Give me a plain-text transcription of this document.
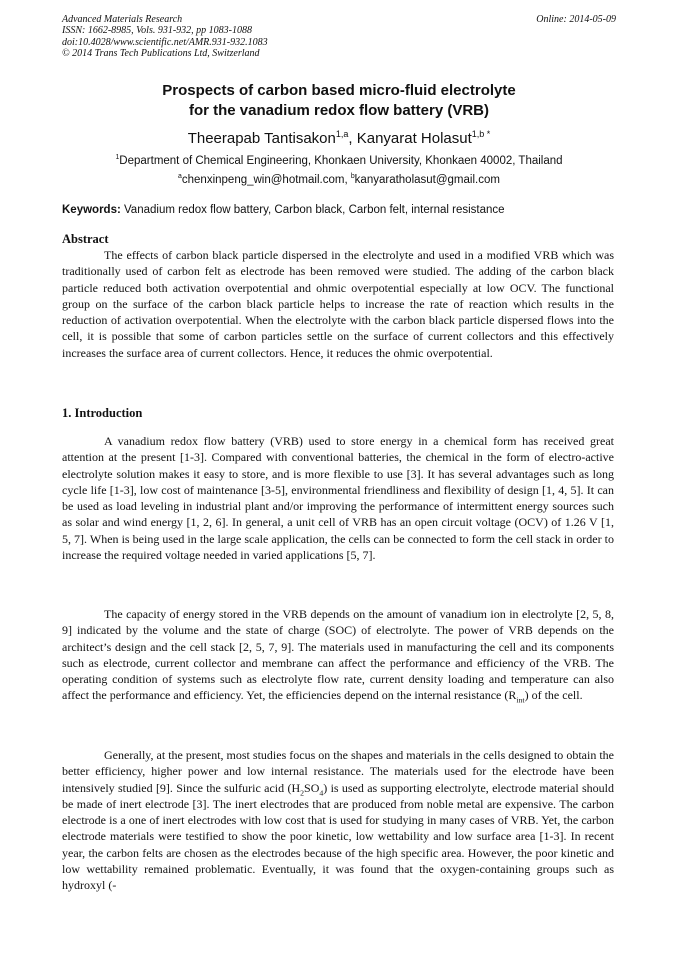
Advanced Materials Research
ISSN: 1662-8985, Vols. 931-932, pp 1083-1088
doi:10.4028/www.scientific.net/AMR.931-932.1083
© 2014 Trans Tech Publications Ltd, Switzerland
Online: 2014-05-09
Prospects of carbon based micro-fluid electrolyte
for the vanadium redox flow battery (VRB)
Theerapab Tantisakon$^{1,a}$, Kanyarat Holasut$^{1,b *}$
$^1$Department of Chemical Engineering, Khonkaen University, Khonkaen 40002, Thailand
$^a$chenxinpeng_win@hotmail.com, $^b$kanyaratholasut@gmail.com
Keywords: Vanadium redox flow battery, Carbon black, Carbon felt, internal resistance
Abstract

The effects of carbon black particle dispersed in the electrolyte and used in a modified VRB which was traditionally used of carbon felt as electrode has been removed were studied. The adding of the carbon black particle reduced both activation overpotential and ohmic overpotential especially at low OCV. The functional group on the surface of the carbon black particle helps to increase the rate of reaction which results in the reduction of activation overpotential. When the electrolyte with the carbon black particle dispersed flows into the cell, it is possible that some of carbon particles settle on the surface of current collectors and this effectively increases the surface area of current collectors. Hence, it reduces the ohmic overpotential.

1. Introduction

A vanadium redox flow battery (VRB) used to store energy in a chemical form has received great attention at the present [1-3]. Compared with conventional batteries, the chemical in the form of electro-active electrolyte solution makes it easy to store, and is more flexible to use [3]. It has several advantages such as long cycle life [1-3], low cost of maintenance [3-5], environmental friendliness and flexibility of design [1, 4, 5]. It can be used as load leveling in industrial plant and/or improving the performance of intermittent energy sources such as solar and wind energy [1, 2, 6]. In general, a unit cell of VRB has an open circuit voltage (OCV) of 1.26 V [1, 5, 7]. When is being used in the large scale application, the cells can be connected to form the cell stack in order to increase the required voltage needed in varied applications [5, 7].

The capacity of energy stored in the VRB depends on the amount of vanadium ion in electrolyte [2, 5, 8, 9] indicated by the volume and the state of charge (SOC) of electrolyte. The power of VRB depends on the architect’s design and the cell stack [2, 5, 7, 9]. The materials used in manufacturing the cell and its components such as electrode, current collector and membrane can affect the performance and efficiency of the VRB. The operating condition of systems such as electrolyte flow rate, current density loading and temperature can also affect the performance and efficiency. Yet, the efficiencies depend on the internal resistance $(R_{int})$ of the cell.

Generally, at the present, most studies focus on the shapes and materials in the cells designed to obtain the better efficiency, higher power and low internal resistance. The materials used for the electrode have been intensively studied [9]. Since the sulfuric acid $(H_2SO_4)$ is used as supporting electrolyte, electrode material should be made of inert electrode [3]. The inert electrodes that are produced from noble metal are expensive. The carbon electrode is a one of inert electrodes with low cost that is used for studying in many cases of VRB. Yet, the carbon electrode materials were testified to show the poor kinetic, low wettability and low surface area [1-3]. In recent year, the carbon felts are chosen as the electrodes because of the high specific area. However, the poor kinetic and low wettability remained problematic. Eventually, it was found that the oxygen-containing groups such as hydroxyl (-
